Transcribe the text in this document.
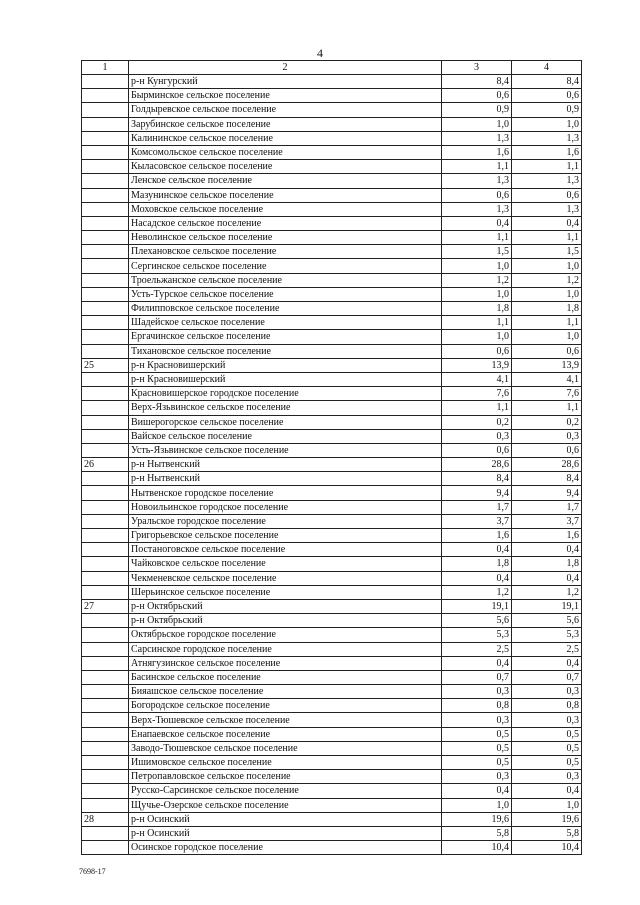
4
1	2	3	4
	р-н Кунгурский	8,4	8,4
	Бырминское сельское поселение	0,6	0,6
	Голдыревское сельское поселение	0,9	0,9
	Зарубинское сельское поселение	1,0	1,0
	Калининское сельское поселение	1,3	1,3
	Комсомольское сельское поселение	1,6	1,6
	Кыласовское сельское поселение	1,1	1,1
	Ленское сельское поселение	1,3	1,3
	Мазунинское сельское поселение	0,6	0,6
	Моховское сельское поселение	1,3	1,3
	Насадское сельское поселение	0,4	0,4
	Неволинское сельское поселение	1,1	1,1
	Плехановское сельское поселение	1,5	1,5
	Сергинское сельское поселение	1,0	1,0
	Троельжанское сельское поселение	1,2	1,2
	Усть-Турское сельское поселение	1,0	1,0
	Филипповское сельское поселение	1,8	1,8
	Шадейское сельское поселение	1,1	1,1
	Ергачинское сельское поселение	1,0	1,0
	Тихановское сельское поселение	0,6	0,6
25	р-н Красновишерский	13,9	13,9
	р-н Красновишерский	4,1	4,1
	Красновишерское городское поселение	7,6	7,6
	Верх-Язьвинское сельское поселение	1,1	1,1
	Вишерогорское сельское поселение	0,2	0,2
	Вайское сельское поселение	0,3	0,3
	Усть-Язьвинское сельское поселение	0,6	0,6
26	р-н Нытвенский	28,6	28,6
	р-н Нытвенский	8,4	8,4
	Нытвенское городское поселение	9,4	9,4
	Новоильинское городское поселение	1,7	1,7
	Уральское городское поселение	3,7	3,7
	Григорьевское сельское поселение	1,6	1,6
	Постаноговское сельское поселение	0,4	0,4
	Чайковское сельское поселение	1,8	1,8
	Чекменевское сельское поселение	0,4	0,4
	Шерьинское сельское поселение	1,2	1,2
27	р-н Октябрьский	19,1	19,1
	р-н Октябрьский	5,6	5,6
	Октябрьское городское поселение	5,3	5,3
	Сарсинское городское поселение	2,5	2,5
	Атнягузинское сельское поселение	0,4	0,4
	Басинское сельское поселение	0,7	0,7
	Бияашское сельское поселение	0,3	0,3
	Богородское сельское поселение	0,8	0,8
	Верх-Тюшевское сельское поселение	0,3	0,3
	Енапаевское сельское поселение	0,5	0,5
	Заводо-Тюшевское сельское поселение	0,5	0,5
	Ишимовское сельское поселение	0,5	0,5
	Петропавловское сельское поселение	0,3	0,3
	Русско-Сарсинское сельское поселение	0,4	0,4
	Щучье-Озерское сельское поселение	1,0	1,0
28	р-н Осинский	19,6	19,6
	р-н Осинский	5,8	5,8
	Осинское городское поселение	10,4	10,4
7698-17
